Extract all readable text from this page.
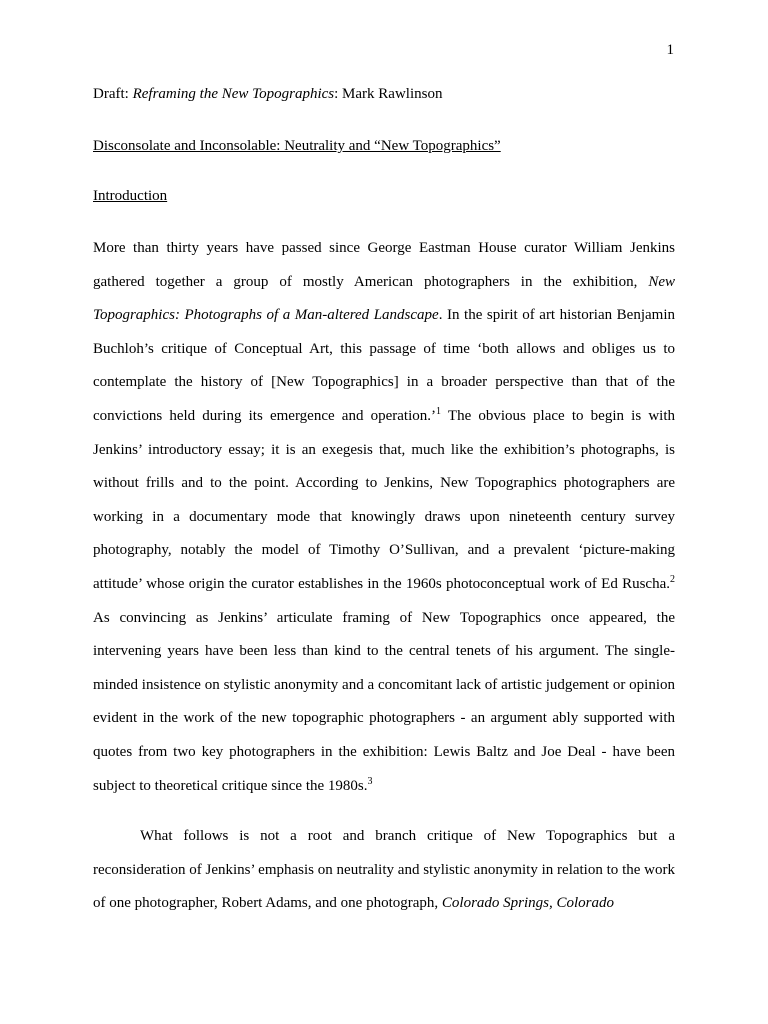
1
Draft: Reframing the New Topographics: Mark Rawlinson
Disconsolate and Inconsolable: Neutrality and “New Topographics”
Introduction

More than thirty years have passed since George Eastman House curator William Jenkins gathered together a group of mostly American photographers in the exhibition, New Topographics: Photographs of a Man-altered Landscape. In the spirit of art historian Benjamin Buchloh’s critique of Conceptual Art, this passage of time ‘both allows and obliges us to contemplate the history of [New Topographics] in a broader perspective than that of the convictions held during its emergence and operation.’$^1$ The obvious place to begin is with Jenkins’ introductory essay; it is an exegesis that, much like the exhibition’s photographs, is without frills and to the point. According to Jenkins, New Topographics photographers are working in a documentary mode that knowingly draws upon nineteenth century survey photography, notably the model of Timothy O’Sullivan, and a prevalent ‘picture-making attitude’ whose origin the curator establishes in the 1960s photoconceptual work of Ed Ruscha.$^2$ As convincing as Jenkins’ articulate framing of New Topographics once appeared, the intervening years have been less than kind to the central tenets of his argument. The single-minded insistence on stylistic anonymity and a concomitant lack of artistic judgement or opinion evident in the work of the new topographic photographers - an argument ably supported with quotes from two key photographers in the exhibition: Lewis Baltz and Joe Deal - have been subject to theoretical critique since the 1980s.$^3$

What follows is not a root and branch critique of New Topographics but a reconsideration of Jenkins’ emphasis on neutrality and stylistic anonymity in relation to the work of one photographer, Robert Adams, and one photograph, Colorado Springs, Colorado
